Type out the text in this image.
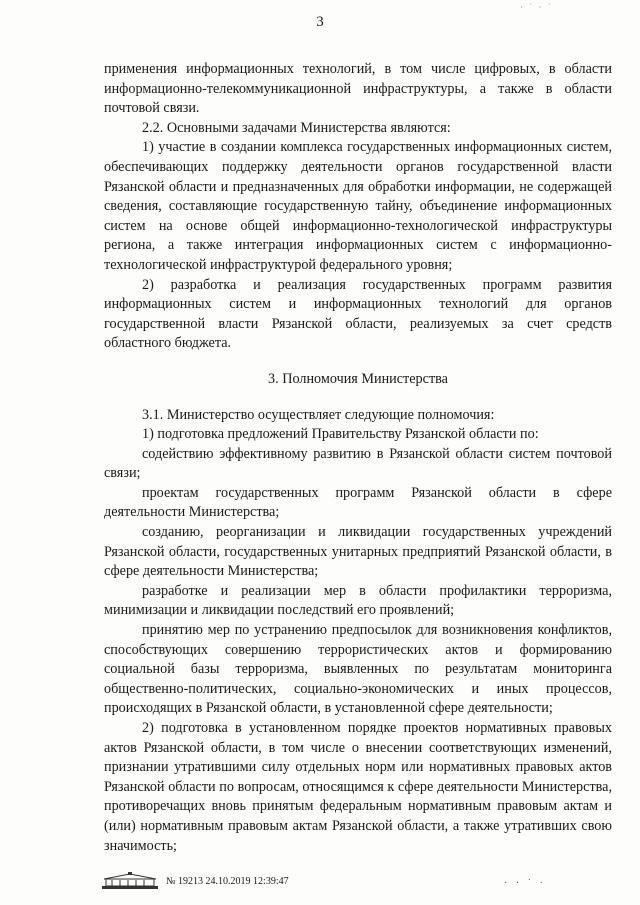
· ˙ · ˙
3

применения информационных технологий, в том числе цифровых, в области информационно-телекоммуникационной инфраструктуры, а также в области почтовой связи.

2.2. Основными задачами Министерства являются:

1) участие в создании комплекса государственных информационных систем, обеспечивающих поддержку деятельности органов государственной власти Рязанской области и предназначенных для обработки информации, не содержащей сведения, составляющие государственную тайну, объединение информационных систем на основе общей информационно-технологической инфраструктуры региона, а также интеграция информационных систем с информационно-технологической инфраструктурой федерального уровня;

2) разработка и реализация государственных программ развития информационных систем и информационных технологий для органов государственной власти Рязанской области, реализуемых за счет средств областного бюджета.

3. Полномочия Министерства

3.1. Министерство осуществляет следующие полномочия:

1) подготовка предложений Правительству Рязанской области по:

содействию эффективному развитию в Рязанской области систем почтовой связи;

проектам государственных программ Рязанской области в сфере деятельности Министерства;

созданию, реорганизации и ликвидации государственных учреждений Рязанской области, государственных унитарных предприятий Рязанской области, в сфере деятельности Министерства;

разработке и реализации мер в области профилактики терроризма, минимизации и ликвидации последствий его проявлений;

принятию мер по устранению предпосылок для возникновения конфликтов, способствующих совершению террористических актов и формированию социальной базы терроризма, выявленных по результатам мониторинга общественно-политических, социально-экономических и иных процессов, происходящих в Рязанской области, в установленной сфере деятельности;

2) подготовка в установленном порядке проектов нормативных правовых актов Рязанской области, в том числе о внесении соответствующих изменений, признании утратившими силу отдельных норм или нормативных правовых актов Рязанской области по вопросам, относящимся к сфере деятельности Министерства, противоречащих вновь принятым федеральным нормативным правовым актам и (или) нормативным правовым актам Рязанской области, а также утративших свою значимость;

№ 19213 24.10.2019 12:39:47	· · ˙ ·
